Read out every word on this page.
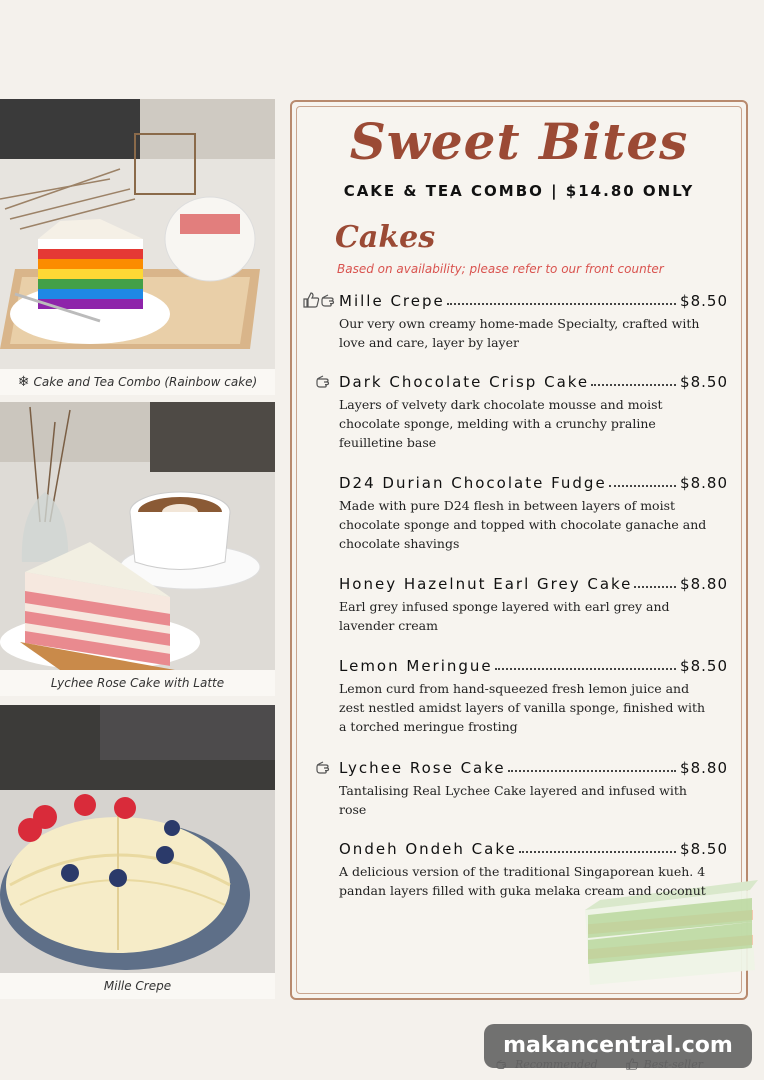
❄ Cake and Tea Combo (Rainbow cake)
Lychee Rose Cake with Latte
Mille Crepe
Sweet Bites
CAKE & TEA COMBO | $14.80 ONLY
Cakes
Based on availability; please refer to our front counter
Mille Crepe	$8.50
Our very own creamy home-made Specialty, crafted with love and care, layer by layer
Dark Chocolate Crisp Cake	$8.50
Layers of velvety dark chocolate mousse and moist chocolate sponge, melding with a crunchy praline feuilletine base
D24 Durian Chocolate Fudge	$8.80
Made with pure D24 flesh in between layers of moist chocolate sponge and topped with chocolate ganache and chocolate shavings
Honey Hazelnut Earl Grey Cake	$8.80
Earl grey infused sponge layered with earl grey and lavender cream
Lemon Meringue	$8.50
Lemon curd from hand-squeezed fresh lemon juice and zest nestled amidst layers of vanilla sponge, finished with a torched meringue frosting
Lychee Rose Cake	$8.80
Tantalising Real Lychee Cake layered and infused with rose
Ondeh Ondeh Cake	$8.50
A delicious version of the traditional Singaporean kueh. 4 pandan layers filled with guka melaka cream and coconut
makancentral.com
